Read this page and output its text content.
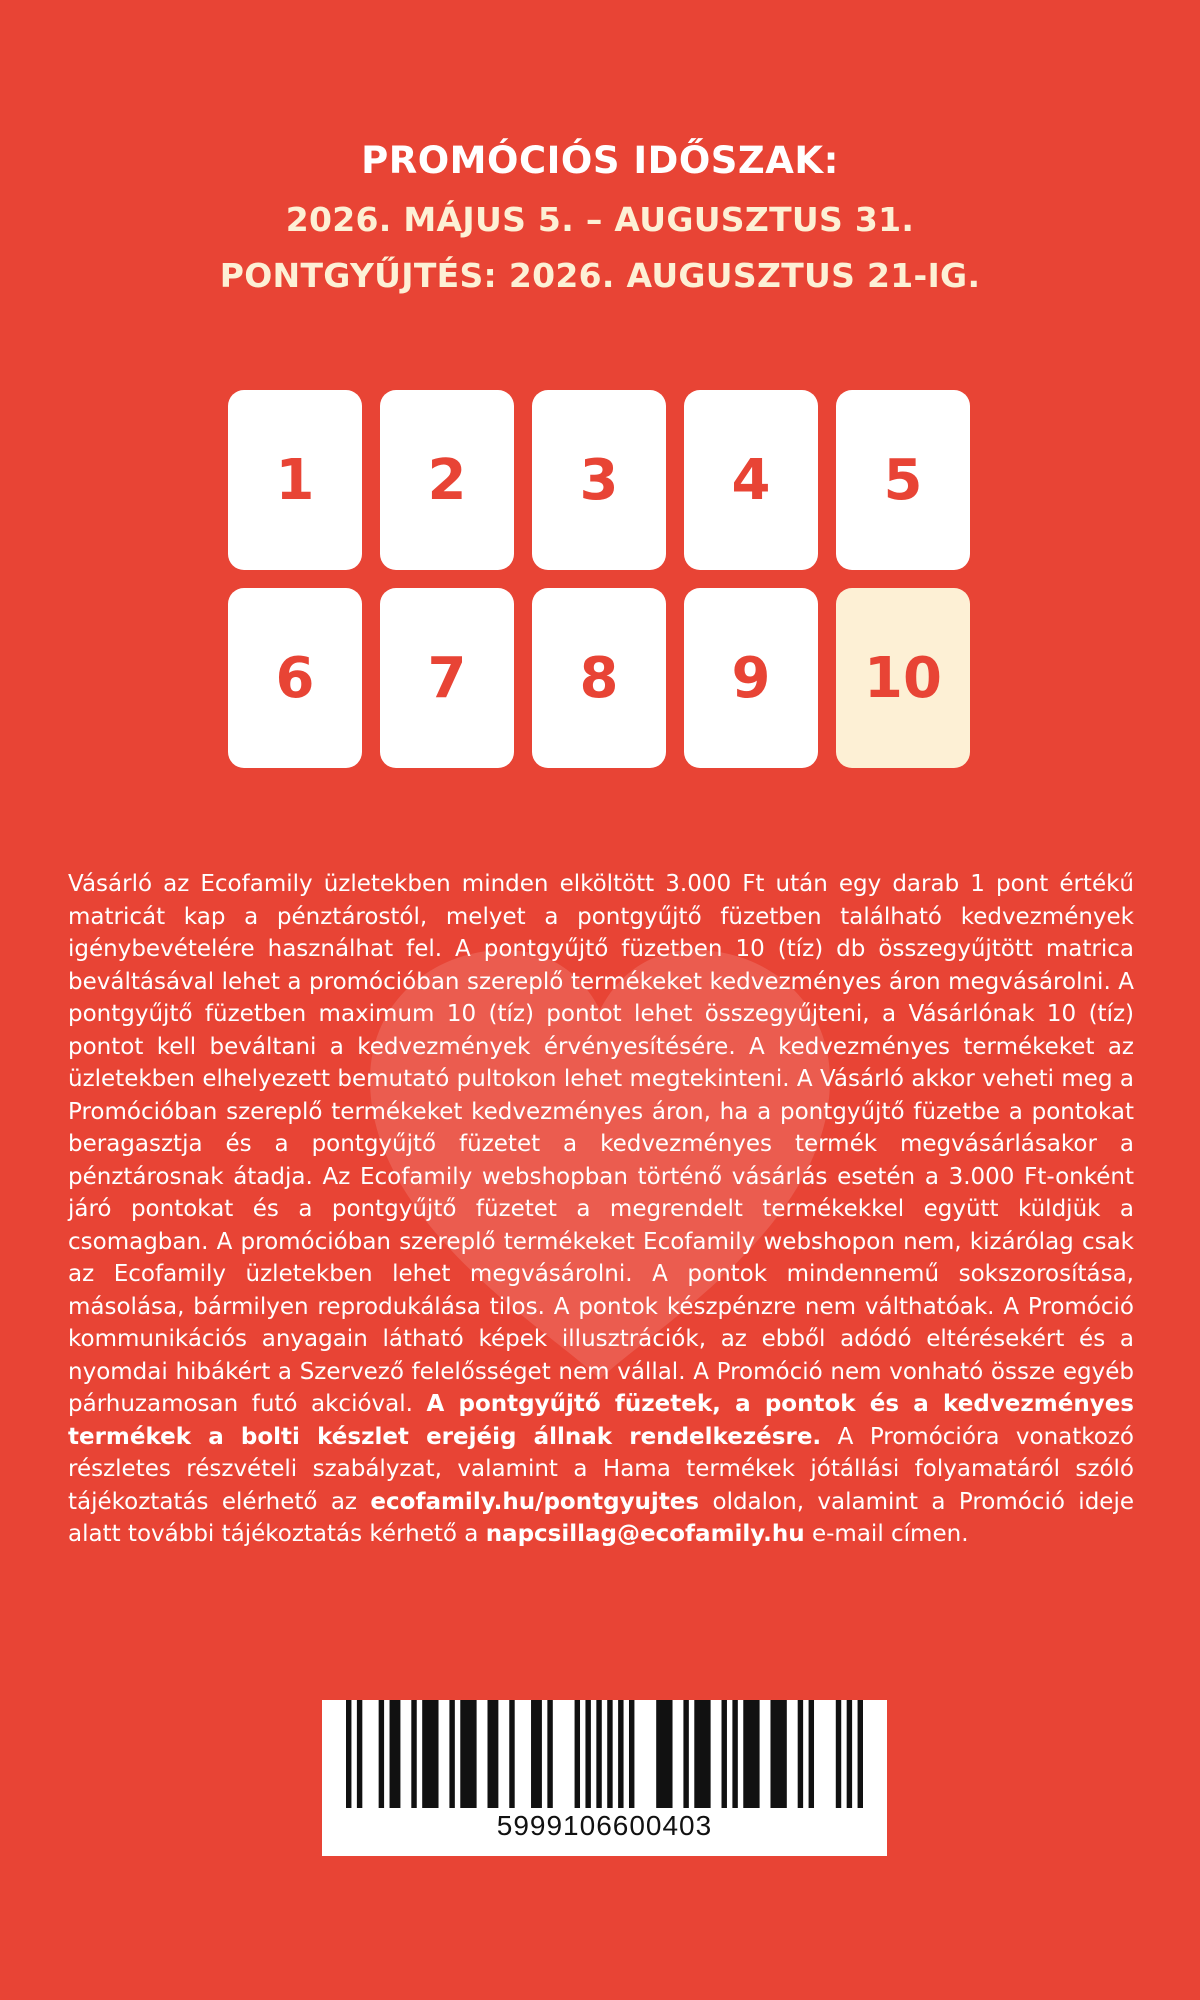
PROMÓCIÓS IDŐSZAK:
2026. MÁJUS 5. – AUGUSZTUS 31.
PONTGYŰJTÉS: 2026. AUGUSZTUS 21-IG.
1	2	3	4	5
6	7	8	9	10
Vásárló az Ecofamily üzletekben minden elköltött 3.000 Ft után egy darab 1 pont értékű matricát kap a pénztárostól, melyet a pontgyűjtő füzetben található kedvezmények igénybevételére használhat fel. A pontgyűjtő füzetben 10 (tíz) db összegyűjtött matrica beváltásával lehet a promócióban szereplő termékeket kedvezményes áron megvásárolni. A pontgyűjtő füzetben maximum 10 (tíz) pontot lehet összegyűjteni, a Vásárlónak 10 (tíz) pontot kell beváltani a kedvezmények érvényesítésére. A kedvezményes termékeket az üzletekben elhelyezett bemutató pultokon lehet megtekinteni. A Vásárló akkor veheti meg a Promócióban szereplő termékeket kedvezményes áron, ha a pontgyűjtő füzetbe a pontokat beragasztja és a pontgyűjtő füzetet a kedvezményes termék megvásárlásakor a pénztárosnak átadja. Az Ecofamily webshopban történő vásárlás esetén a 3.000 Ft-onként járó pontokat és a pontgyűjtő füzetet a megrendelt termékekkel együtt küldjük a csomagban. A promócióban szereplő termékeket Ecofamily webshopon nem, kizárólag csak az Ecofamily üzletekben lehet megvásárolni. A pontok mindennemű sokszorosítása, másolása, bármilyen reprodukálása tilos. A pontok készpénzre nem válthatóak. A Promóció kommunikációs anyagain látható képek illusztrációk, az ebből adódó eltérésekért és a nyomdai hibákért a Szervező felelősséget nem vállal. A Promóció nem vonható össze egyéb párhuzamosan futó akcióval. A pontgyűjtő füzetek, a pontok és a kedvezményes termékek a bolti készlet erejéig állnak rendelkezésre. A Promócióra vonatkozó részletes részvételi szabályzat, valamint a Hama termékek jótállási folyamatáról szóló tájékoztatás elérhető az ecofamily.hu/pontgyujtes oldalon, valamint a Promóció ideje alatt további tájékoztatás kérhető a napcsillag@ecofamily.hu e-mail címen.
5999106600403
